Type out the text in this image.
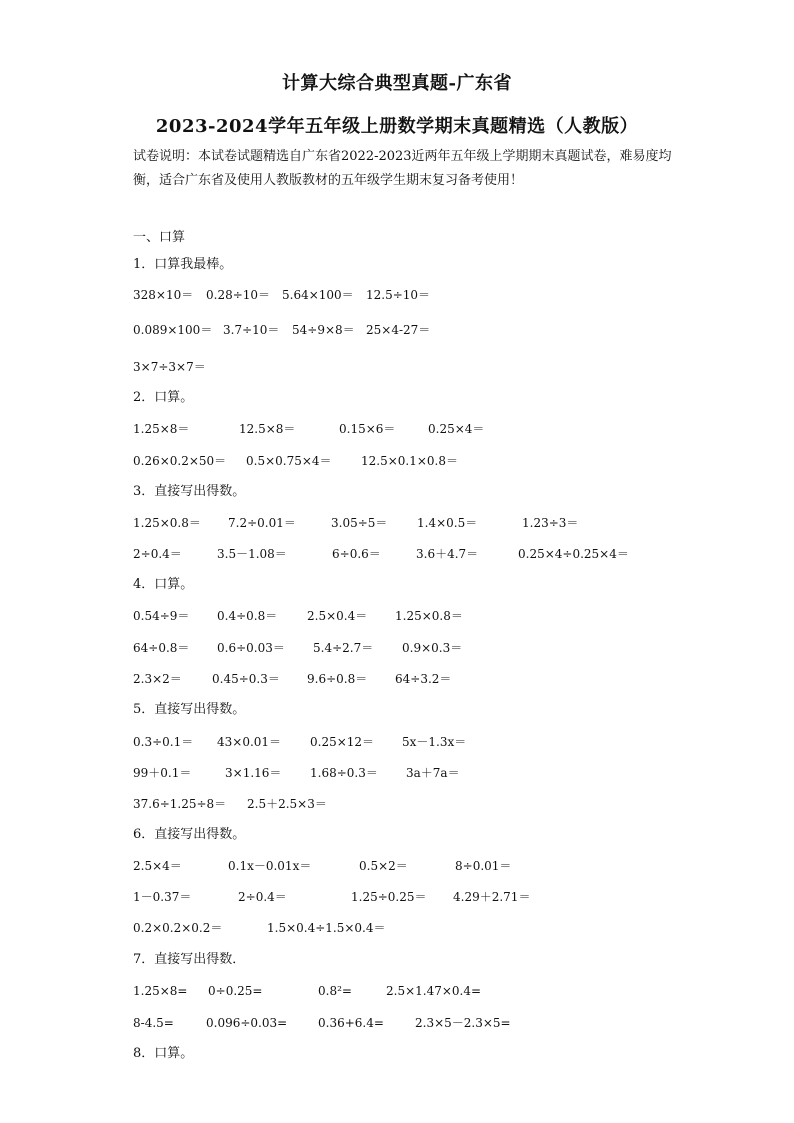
计算大综合典型真题-广东省
2023-2024学年五年级上册数学期末真题精选（人教版）
试卷说明：本试卷试题精选自广东省2022-2023近两年五年级上学期期末真题试卷，难易度均衡，适合广东省及使用人教版教材的五年级学生期末复习备考使用！
一、口算
1．口算我最棒。
328×10＝ 0.28÷10＝ 5.64×100＝ 12.5÷10＝
0.089×100＝ 3.7÷10＝ 54÷9×8＝ 25×4-27＝
3×7÷3×7＝
2．口算。
1.25×8＝	12.5×8＝	0.15×6＝	0.25×4＝
0.26×0.2×50＝ 0.5×0.75×4＝ 12.5×0.1×0.8＝
3．直接写出得数。
1.25×0.8＝ 7.2÷0.01＝	3.05÷5＝ 1.4×0.5＝	1.23÷3＝
2÷0.4＝	3.5－1.08＝	6÷0.6＝	3.6＋4.7＝	0.25×4÷0.25×4＝
4．口算。
0.54÷9＝ 0.4÷0.8＝ 2.5×0.4＝ 1.25×0.8＝
64÷0.8＝ 0.6÷0.03＝ 5.4÷2.7＝ 0.9×0.3＝
2.3×2＝	0.45÷0.3＝ 9.6÷0.8＝ 64÷3.2＝
5．直接写出得数。
0.3÷0.1＝ 43×0.01＝ 0.25×12＝ 5x－1.3x＝
99＋0.1＝	3×1.16＝ 1.68÷0.3＝ 3a＋7a＝
37.6÷1.25÷8＝ 2.5＋2.5×3＝
6．直接写出得数。
2.5×4＝	0.1x－0.01x＝	0.5×2＝	8÷0.01＝
1－0.37＝	2÷0.4＝	1.25÷0.25＝ 4.29＋2.71＝
0.2×0.2×0.2＝	1.5×0.4÷1.5×0.4＝
7．直接写出得数．
1.25×8= 0÷0.25=	0.8²=	2.5×1.47×0.4=
8-4.5=	0.096÷0.03=	0.36+6.4=	2.3×5－2.3×5=
8．口算。
